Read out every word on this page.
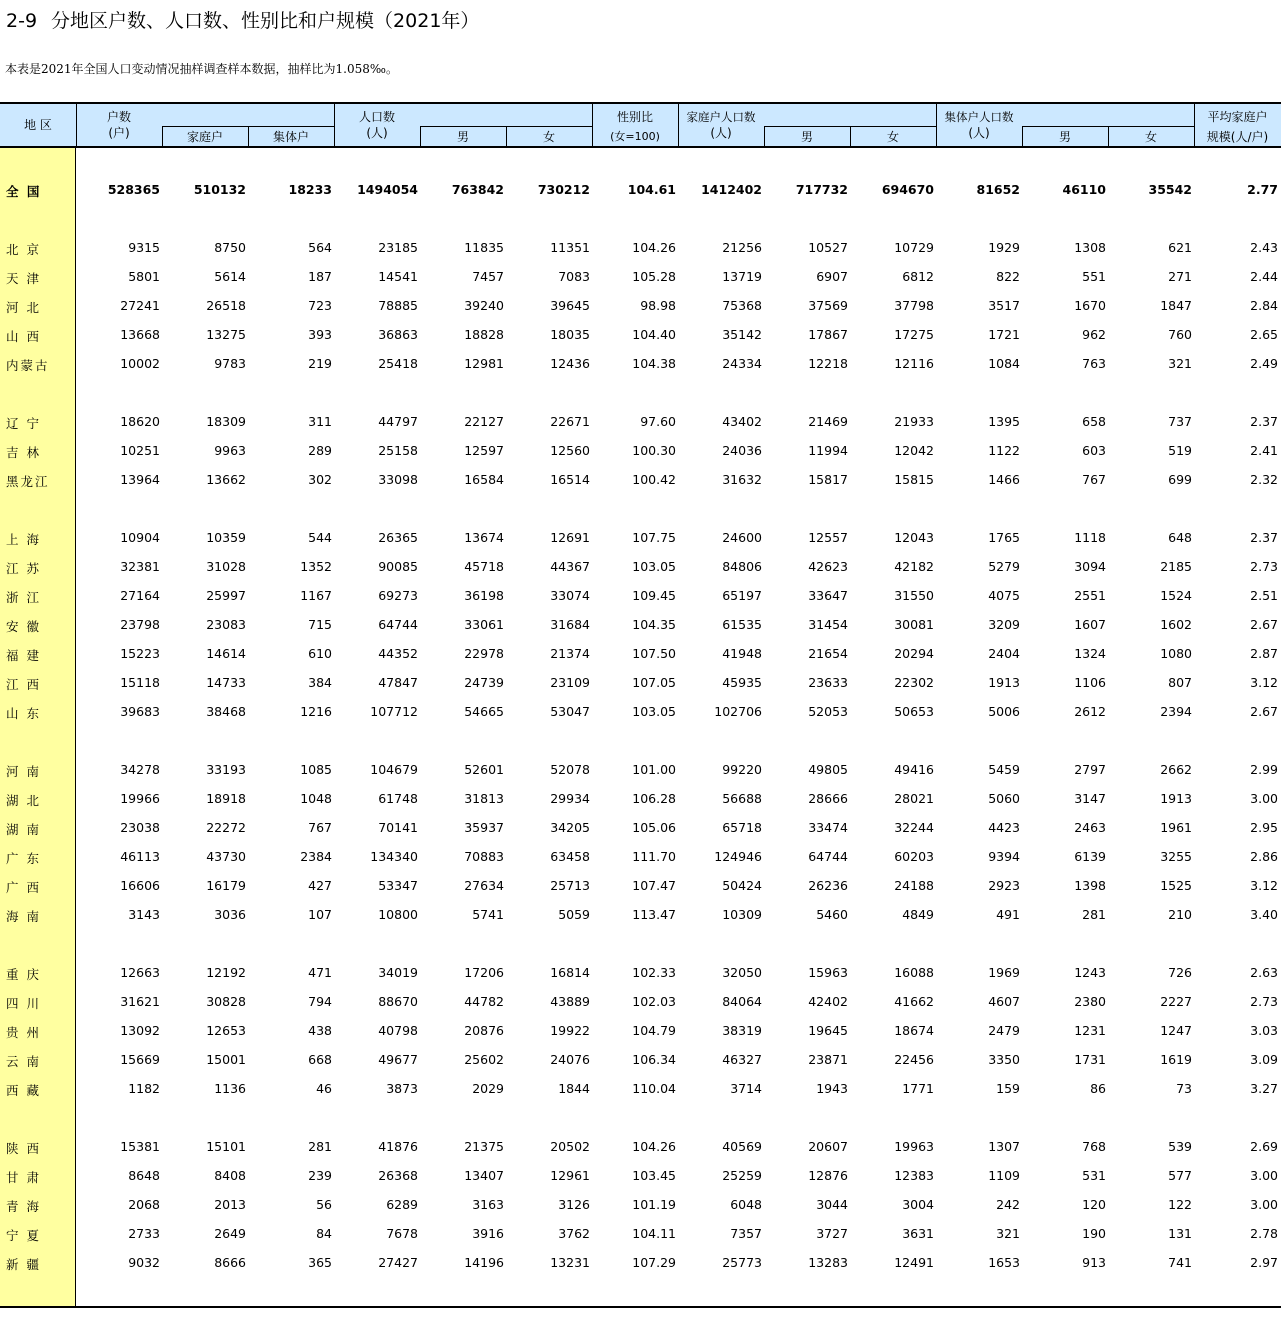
2-9 分地区户数、人口数、性别比和户规模（2021年）
本表是2021年全国人口变动情况抽样调查样本数据，抽样比为1.058‰。
地 区
户数
(户)	家庭户	集体户
人口数
(人)	男	女
性别比
(女=100)
家庭户人口数
(人)	男	女
集体户人口数
(人)	男	女
平均家庭户
规模(人/户)
全 国	528365	510132	18233 1494054	763842	730212	104.61 1412402	717732	694670	81652	46110	35542	2.77
北 京	9315	8750	564	23185	11835	11351	104.26	21256	10527	10729	1929	1308	621	2.43
天 津	5801	5614	187	14541	7457	7083	105.28	13719	6907	6812	822	551	271	2.44
河 北	27241	26518	723	78885	39240	39645	98.98	75368	37569	37798	3517	1670	1847	2.84
山 西	13668	13275	393	36863	18828	18035	104.40	35142	17867	17275	1721	962	760	2.65
内蒙古	10002	9783	219	25418	12981	12436	104.38	24334	12218	12116	1084	763	321	2.49
辽 宁	18620	18309	311	44797	22127	22671	97.60	43402	21469	21933	1395	658	737	2.37
吉 林	10251	9963	289	25158	12597	12560	100.30	24036	11994	12042	1122	603	519	2.41
黑龙江	13964	13662	302	33098	16584	16514	100.42	31632	15817	15815	1466	767	699	2.32
上 海	10904	10359	544	26365	13674	12691	107.75	24600	12557	12043	1765	1118	648	2.37
江 苏	32381	31028	1352	90085	45718	44367	103.05	84806	42623	42182	5279	3094	2185	2.73
浙 江	27164	25997	1167	69273	36198	33074	109.45	65197	33647	31550	4075	2551	1524	2.51
安 徽	23798	23083	715	64744	33061	31684	104.35	61535	31454	30081	3209	1607	1602	2.67
福 建	15223	14614	610	44352	22978	21374	107.50	41948	21654	20294	2404	1324	1080	2.87
江 西	15118	14733	384	47847	24739	23109	107.05	45935	23633	22302	1913	1106	807	3.12
山 东	39683	38468	1216	107712	54665	53047	103.05	102706	52053	50653	5006	2612	2394	2.67
河 南	34278	33193	1085	104679	52601	52078	101.00	99220	49805	49416	5459	2797	2662	2.99
湖 北	19966	18918	1048	61748	31813	29934	106.28	56688	28666	28021	5060	3147	1913	3.00
湖 南	23038	22272	767	70141	35937	34205	105.06	65718	33474	32244	4423	2463	1961	2.95
广 东	46113	43730	2384	134340	70883	63458	111.70	124946	64744	60203	9394	6139	3255	2.86
广 西	16606	16179	427	53347	27634	25713	107.47	50424	26236	24188	2923	1398	1525	3.12
海 南	3143	3036	107	10800	5741	5059	113.47	10309	5460	4849	491	281	210	3.40
重 庆	12663	12192	471	34019	17206	16814	102.33	32050	15963	16088	1969	1243	726	2.63
四 川	31621	30828	794	88670	44782	43889	102.03	84064	42402	41662	4607	2380	2227	2.73
贵 州	13092	12653	438	40798	20876	19922	104.79	38319	19645	18674	2479	1231	1247	3.03
云 南	15669	15001	668	49677	25602	24076	106.34	46327	23871	22456	3350	1731	1619	3.09
西 藏	1182	1136	46	3873	2029	1844	110.04	3714	1943	1771	159	86	73	3.27
陕 西	15381	15101	281	41876	21375	20502	104.26	40569	20607	19963	1307	768	539	2.69
甘 肃	8648	8408	239	26368	13407	12961	103.45	25259	12876	12383	1109	531	577	3.00
青 海	2068	2013	56	6289	3163	3126	101.19	6048	3044	3004	242	120	122	3.00
宁 夏	2733	2649	84	7678	3916	3762	104.11	7357	3727	3631	321	190	131	2.78
新 疆	9032	8666	365	27427	14196	13231	107.29	25773	13283	12491	1653	913	741	2.97
